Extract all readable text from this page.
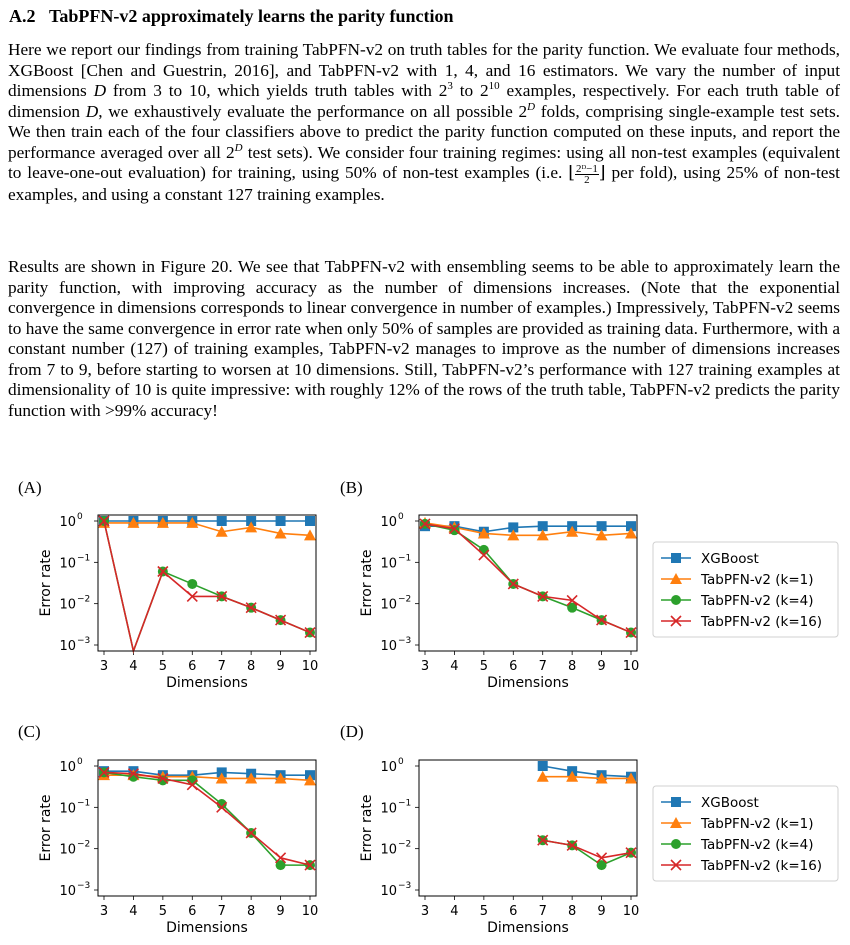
A.2 TabPFN-v2 approximately learns the parity function

Here we report our findings from training TabPFN-v2 on truth tables for the parity function. We evaluate four methods, XGBoost [Chen and Guestrin, 2016], and TabPFN-v2 with 1, 4, and 16 estimators. We vary the number of input dimensions D from 3 to 10, which yields truth tables with $2^3$ to $2^{10}$ examples, respectively. For each truth table of dimension D, we exhaustively evaluate the performance on all possible $2^D$ folds, comprising single-example test sets. We then train each of the four classifiers above to predict the parity function computed on these inputs, and report the performance averaged over all $2^D$ test sets). We consider four training regimes: using all non-test examples (equivalent to leave-one-out evaluation) for training, using 50% of non-test examples (i.e. ⌊ $\frac{\text{2ᴰ−1}}{2}$ ⌋ per fold), using 25% of non-test examples, and using a constant 127 training examples.

Results are shown in Figure 20. We see that TabPFN-v2 with ensembling seems to be able to approximately learn the parity function, with improving accuracy as the number of dimensions increases. (Note that the exponential convergence in dimensions corresponds to linear convergence in number of examples.) Impressively, TabPFN-v2 seems to have the same convergence in error rate when only 50% of samples are provided as training data. Furthermore, with a constant number (127) of training examples, TabPFN-v2 manages to improve as the number of dimensions increases from 7 to 9, before starting to worsen at 10 dimensions. Still, TabPFN-v2’s performance with 127 training examples at dimensionality of 10 is quite impressive: with roughly 12% of the rows of the truth table, TabPFN-v2 predicts the parity function with >99% accuracy!

(A)	(B)
(C)	(D)
3 4 5 6 7 8 9 10
10 0
10 −1
10 −2
10 −3
Dimensions
Error rate
3 4 5 6 7 8 9 10
10 0
10 −1
10 −2
10 −3
Dimensions
Error rate
3 4 5 6 7 8 9 10
10 0
10 −1
10 −2
10 −3
Dimensions
Error rate
3 4 5 6 7 8 9 10
10 0
10 −1
10 −2
10 −3
Dimensions
Error rate
XGBoost
TabPFN-v2 (k=1)
TabPFN-v2 (k=4)
TabPFN-v2 (k=16)
XGBoost
TabPFN-v2 (k=1)
TabPFN-v2 (k=4)
TabPFN-v2 (k=16)
